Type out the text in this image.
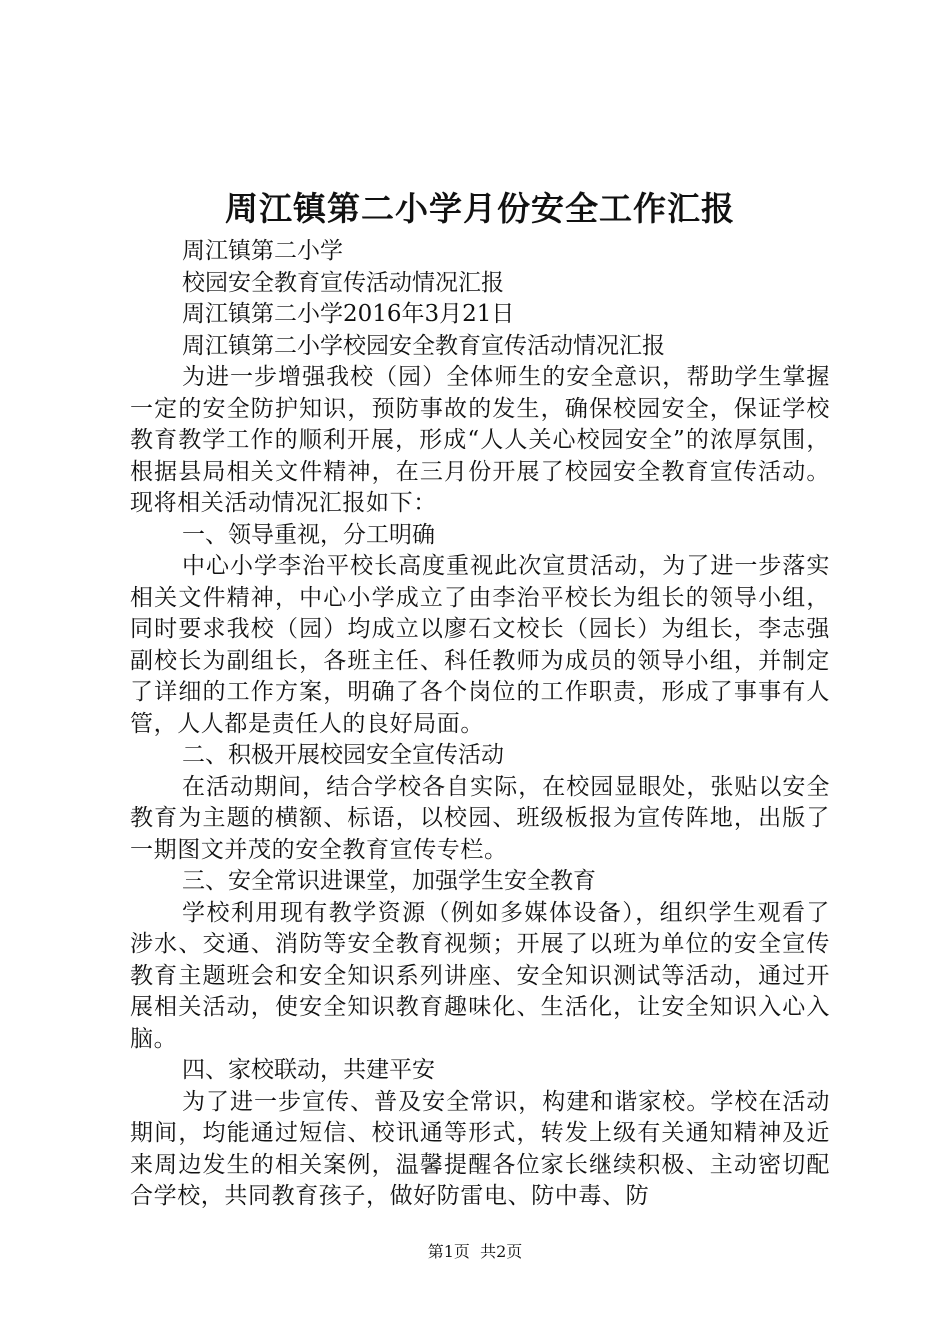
周江镇第二小学月份安全工作汇报

周江镇第二小学

校园安全教育宣传活动情况汇报

周江镇第二小学2016年3月21日

周江镇第二小学校园安全教育宣传活动情况汇报

为进一步增强我校（园）全体师生的安全意识，帮助学生掌握一定的安全防护知识，预防事故的发生，确保校园安全，保证学校教育教学工作的顺利开展，形成“人人关心校园安全”的浓厚氛围，根据县局相关文件精神，在三月份开展了校园安全教育宣传活动。现将相关活动情况汇报如下：

一、领导重视，分工明确

中心小学李治平校长高度重视此次宣贯活动，为了进一步落实相关文件精神，中心小学成立了由李治平校长为组长的领导小组，同时要求我校（园）均成立以廖石文校长（园长）为组长，李志强副校长为副组长，各班主任、科任教师为成员的领导小组，并制定了详细的工作方案，明确了各个岗位的工作职责，形成了事事有人管，人人都是责任人的良好局面。

二、积极开展校园安全宣传活动

在活动期间，结合学校各自实际，在校园显眼处，张贴以安全教育为主题的横额、标语，以校园、班级板报为宣传阵地，出版了一期图文并茂的安全教育宣传专栏。

三、安全常识进课堂，加强学生安全教育

学校利用现有教学资源（例如多媒体设备），组织学生观看了涉水、交通、消防等安全教育视频；开展了以班为单位的安全宣传教育主题班会和安全知识系列讲座、安全知识测试等活动，通过开展相关活动，使安全知识教育趣味化、生活化，让安全知识入心入脑。

四、家校联动，共建平安

为了进一步宣传、普及安全常识，构建和谐家校。学校在活动期间，均能通过短信、校讯通等形式，转发上级有关通知精神及近来周边发生的相关案例，温馨提醒各位家长继续积极、主动密切配合学校，共同教育孩子，做好防雷电、防中毒、防

第1页  共2页
